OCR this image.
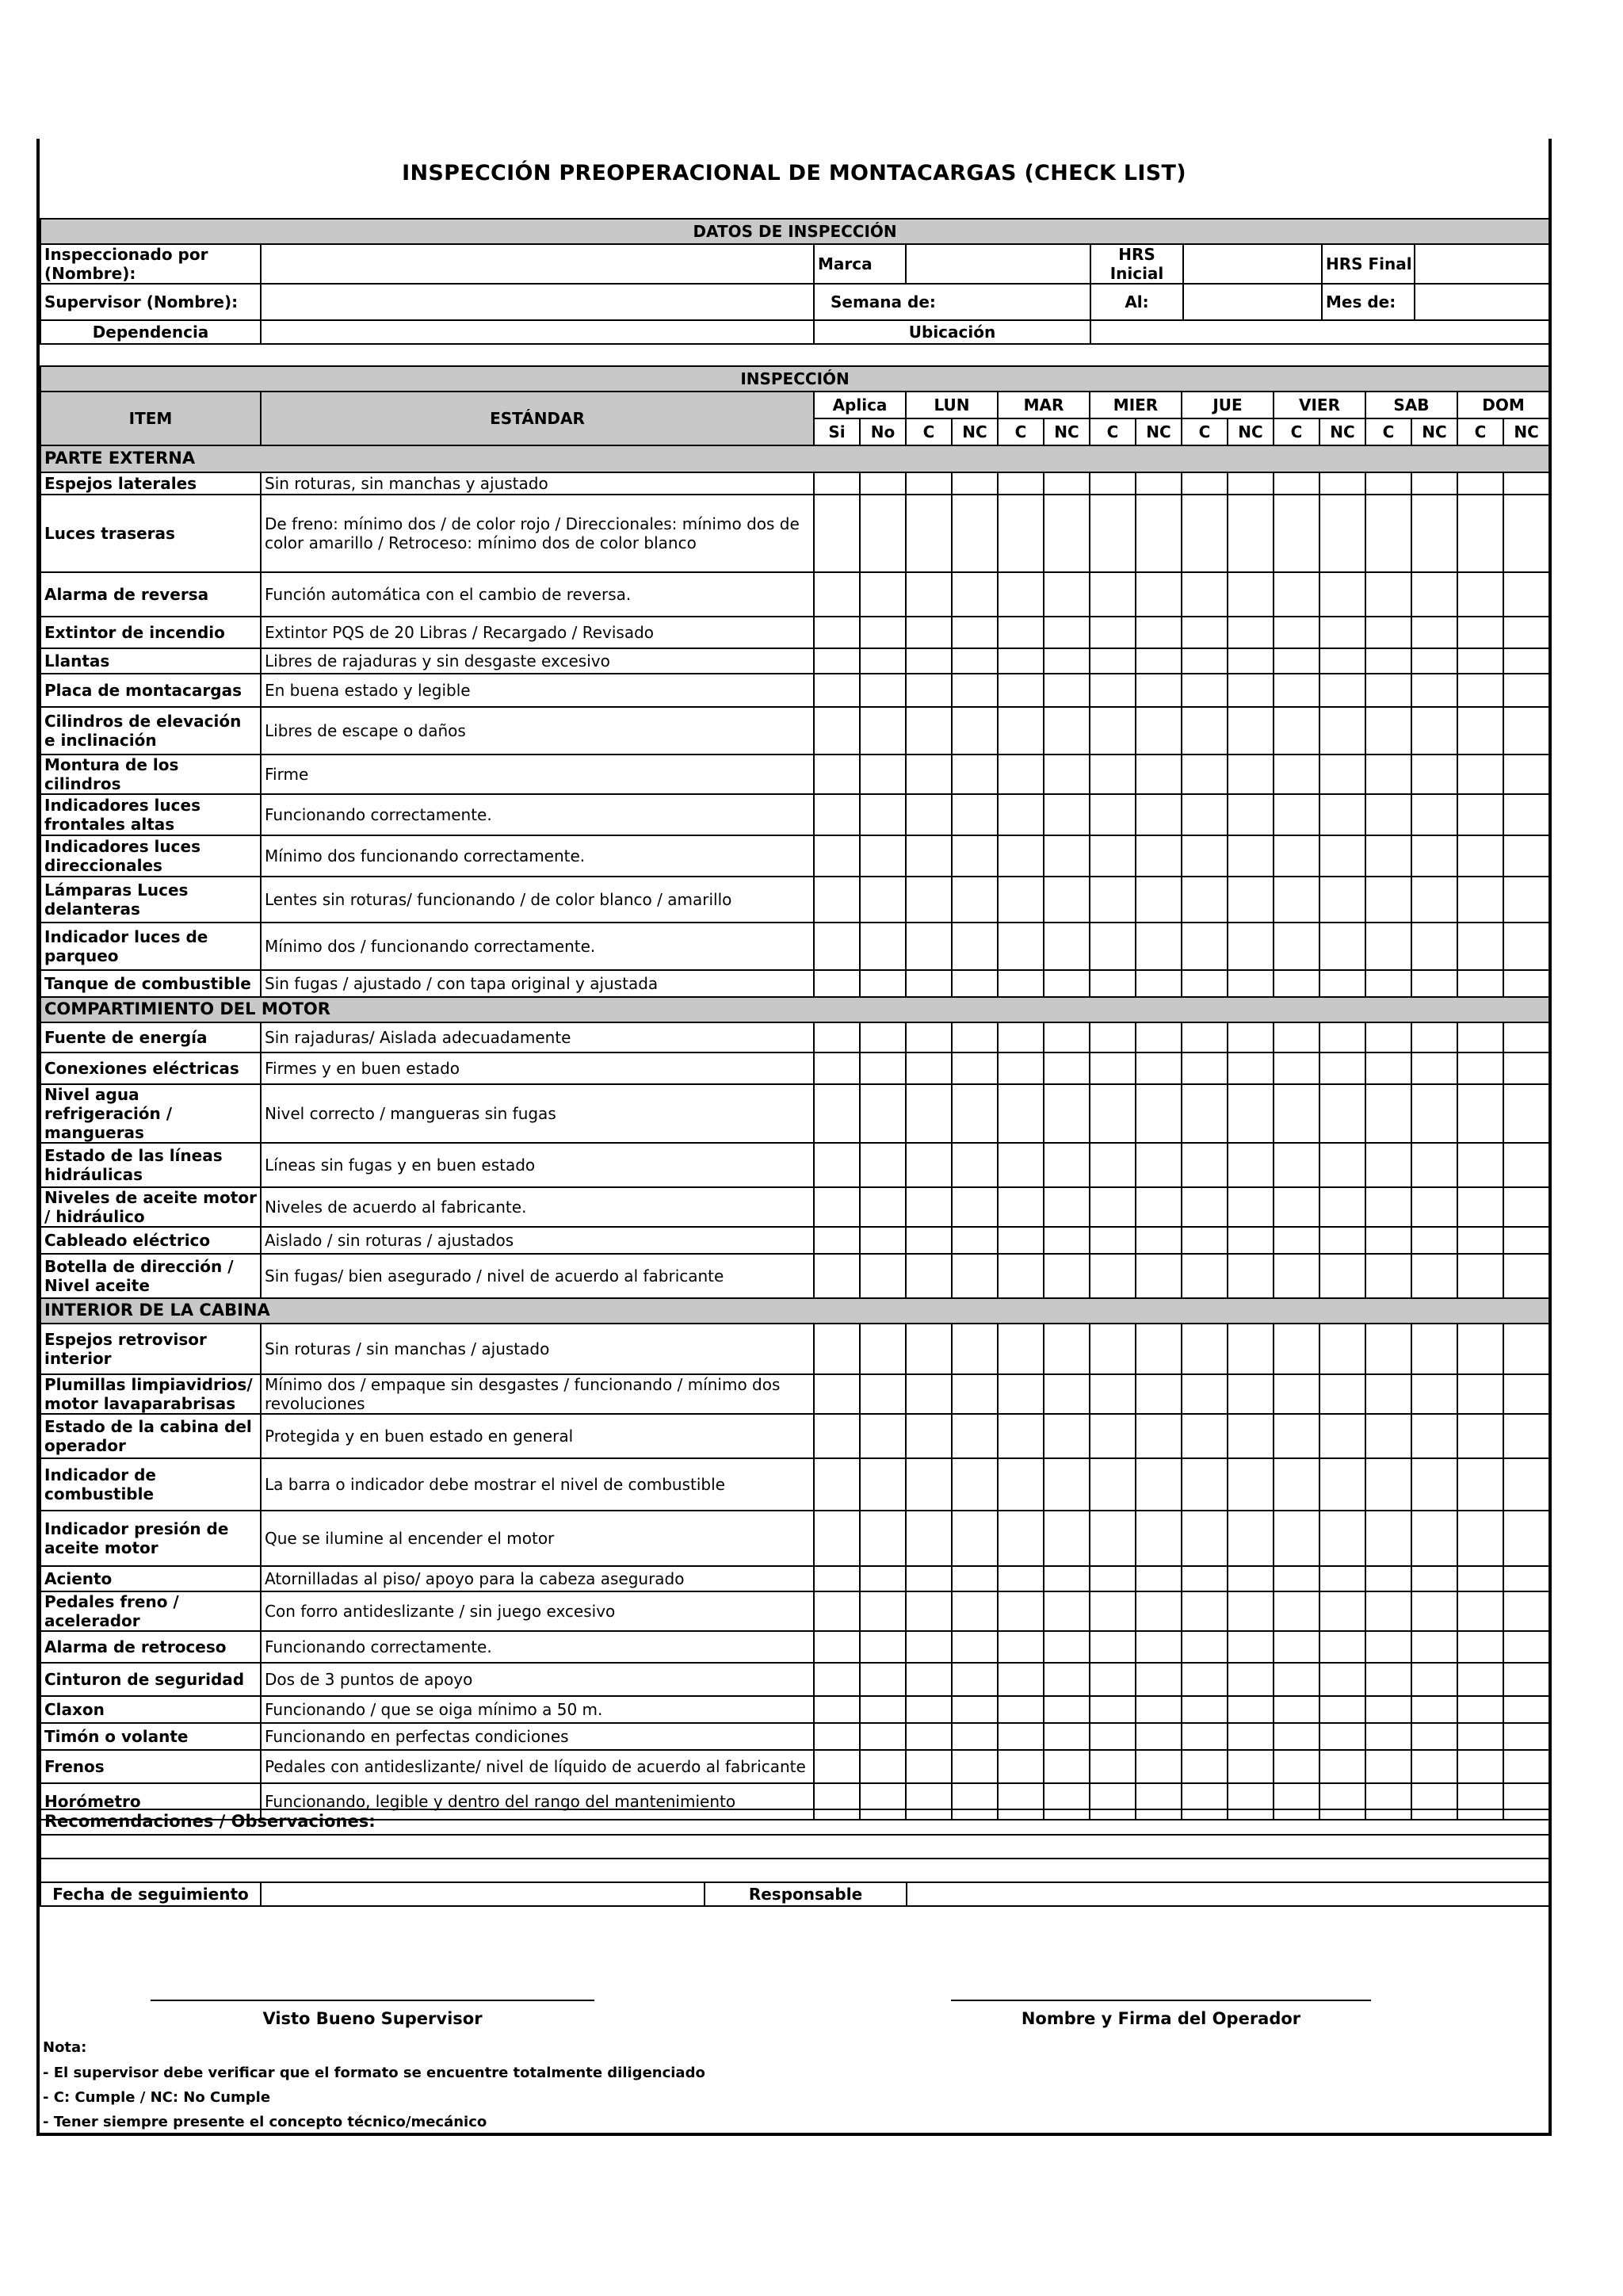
INSPECCIÓN PREOPERACIONAL DE MONTACARGAS (CHECK LIST)
DATOS DE INSPECCIÓN							
Inspeccionado por (Nombre):		Marca		HRS Inicial		HRS Final	
Supervisor (Nombre):		Semana de:		Al:		Mes de:	
Dependencia		Ubicación					
INSPECCIÓN																	
ITEM	ESTÁNDAR	Aplica		LUN		MAR		MIER		JUE		VIER		SAB		DOM	
		Si	No	C	NC	C	NC	C	NC	C	NC	C	NC	C	NC	C	NC
PARTE EXTERNA																	
Espejos laterales	Sin roturas, sin manchas y ajustado																
Luces traseras	De freno: mínimo dos / de color rojo / Direccionales: mínimo dos de color amarillo / Retroceso: mínimo dos de color blanco																
Alarma de reversa	Función automática con el cambio de reversa.																
Extintor de incendio	Extintor PQS de 20 Libras / Recargado / Revisado																
Llantas	Libres de rajaduras y sin desgaste excesivo																
Placa de montacargas	En buena estado y legible																
Cilindros de elevación e inclinación	Libres de escape o daños																
Montura de los cilindros	Firme																
Indicadores luces frontales altas	Funcionando correctamente.																
Indicadores luces direccionales	Mínimo dos funcionando correctamente.																
Lámparas Luces delanteras	Lentes sin roturas/ funcionando / de color blanco / amarillo																
Indicador luces de parqueo	Mínimo dos / funcionando correctamente.																
Tanque de combustible	Sin fugas / ajustado / con tapa original y ajustada																
COMPARTIMIENTO DEL MOTOR																	
Fuente de energía	Sin rajaduras/ Aislada adecuadamente																
Conexiones eléctricas	Firmes y en buen estado																
Nivel agua refrigeración / mangueras	Nivel correcto / mangueras sin fugas																
Estado de las líneas hidráulicas	Líneas sin fugas y en buen estado																
Niveles de aceite motor / hidráulico	Niveles de acuerdo al fabricante.																
Cableado eléctrico	Aislado / sin roturas / ajustados																
Botella de dirección / Nivel aceite	Sin fugas/ bien asegurado / nivel de acuerdo al fabricante																
INTERIOR DE LA CABINA																	
Espejos retrovisor interior	Sin roturas / sin manchas / ajustado																
Plumillas limpiavidrios/ motor lavaparabrisas	Mínimo dos / empaque sin desgastes / funcionando / mínimo dos revoluciones																
Estado de la cabina del operador	Protegida y en buen estado en general																
Indicador de combustible	La barra o indicador debe mostrar el nivel de combustible																
Indicador presión de aceite motor	Que se ilumine al encender el motor																
Aciento	Atornilladas al piso/ apoyo para la cabeza asegurado																
Pedales freno / acelerador	Con forro antideslizante / sin juego excesivo																
Alarma de retroceso	Funcionando correctamente.																
Cinturon de seguridad	Dos de 3 puntos de apoyo																
Claxon	Funcionando / que se oiga mínimo a 50 m.																
Timón o volante	Funcionando en perfectas condiciones																
Frenos	Pedales con antideslizante/ nivel de líquido de acuerdo al fabricante																
Horómetro	Funcionando, legible y dentro del rango del mantenimiento																
Recomendaciones / Observaciones:

Fecha de seguimiento		Responsable	
Visto Bueno Supervisor	Nombre y Firma del Operador
Nota:
- El supervisor debe verificar que el formato se encuentre totalmente diligenciado
- C: Cumple / NC: No Cumple
- Tener siempre presente el concepto técnico/mecánico
